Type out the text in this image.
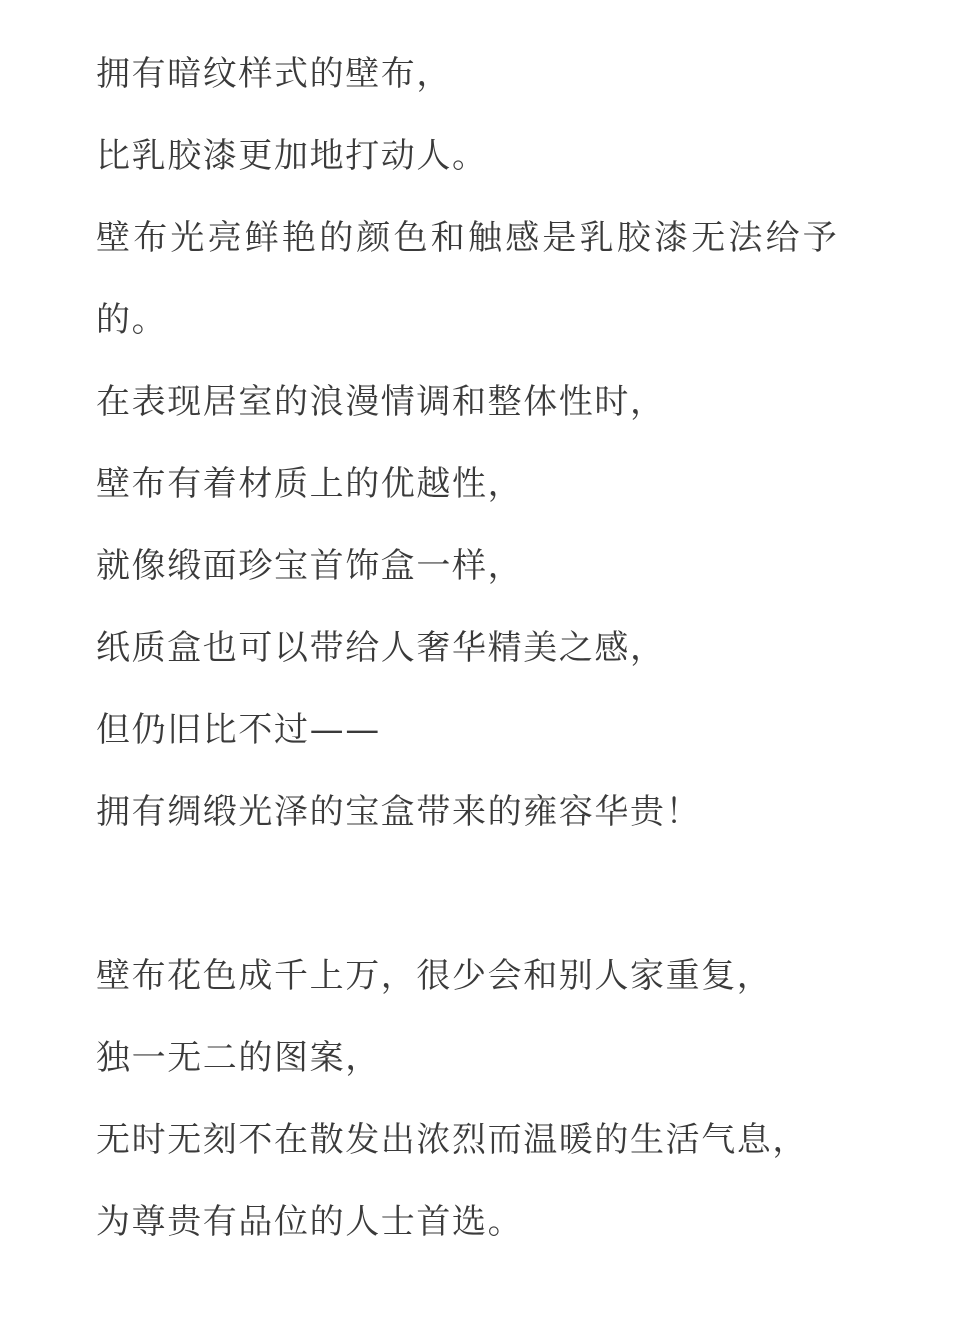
拥有暗纹样式的壁布，
比乳胶漆更加地打动人。
壁布光亮鲜艳的颜色和触感是乳胶漆无法给予
的。
在表现居室的浪漫情调和整体性时，
壁布有着材质上的优越性，
就像缎面珍宝首饰盒一样，
纸质盒也可以带给人奢华精美之感，
但仍旧比不过——
拥有绸缎光泽的宝盒带来的雍容华贵！
壁布花色成千上万，很少会和别人家重复，
独一无二的图案，
无时无刻不在散发出浓烈而温暖的生活气息，
为尊贵有品位的人士首选。
